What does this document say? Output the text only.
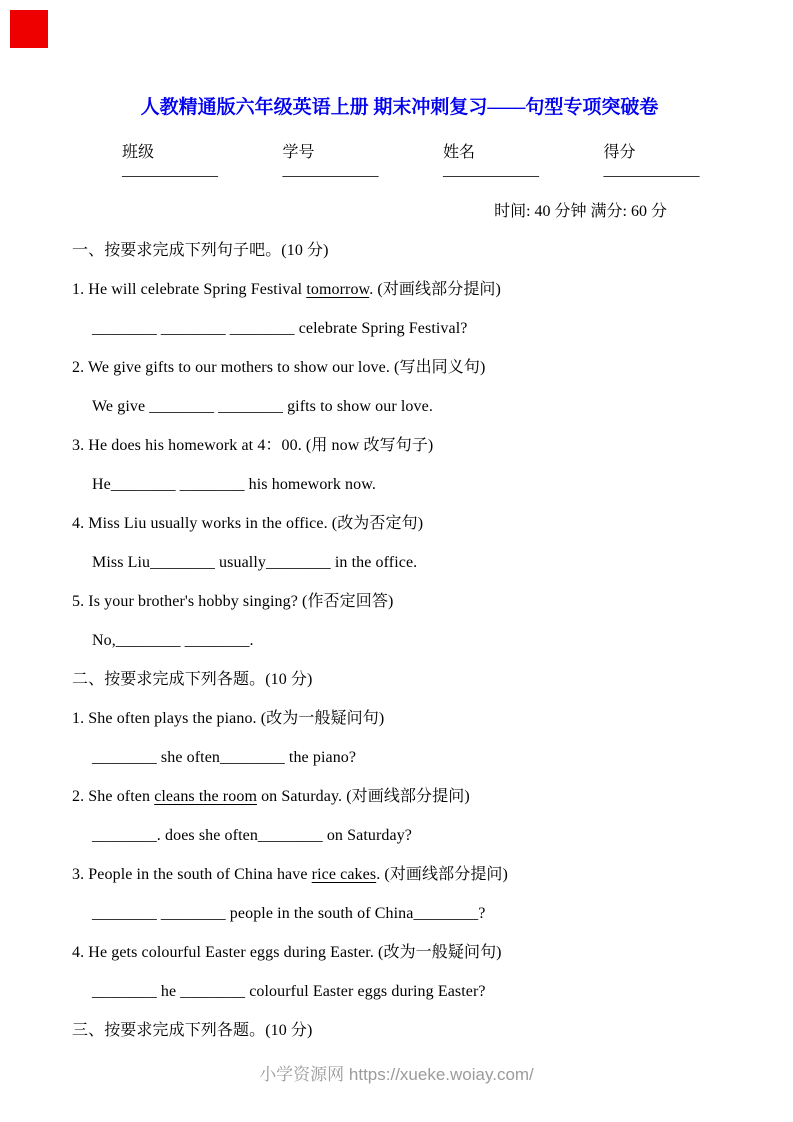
人教精通版六年级英语上册 期末冲刺复习——句型专项突破卷
班级____________
学号____________
姓名____________
得分____________

时间: 40 分钟 满分: 60 分

一、按要求完成下列句子吧。(10 分)

1. He will celebrate Spring Festival tomorrow. (对画线部分提问)

________ ________ ________ celebrate Spring Festival?

2. We give gifts to our mothers to show our love. (写出同义句)

We give ________ ________ gifts to show our love.

3. He does his homework at 4：00. (用 now 改写句子)

He________ ________ his homework now.

4. Miss Liu usually works in the office. (改为否定句)

Miss Liu________ usually________ in the office.

5. Is your brother's hobby singing? (作否定回答)

No,________ ________.

二、按要求完成下列各题。(10 分)

1. She often plays the piano. (改为一般疑问句)

________ she often________ the piano?

2. She often cleans the room on Saturday. (对画线部分提问)

________. does she often________ on Saturday?

3. People in the south of China have rice cakes. (对画线部分提问)

________ ________ people in the south of China________?

4. He gets colourful Easter eggs during Easter. (改为一般疑问句)

________ he ________ colourful Easter eggs during Easter?

三、按要求完成下列各题。(10 分)

小学资源网 https://xueke.woiay.com/
